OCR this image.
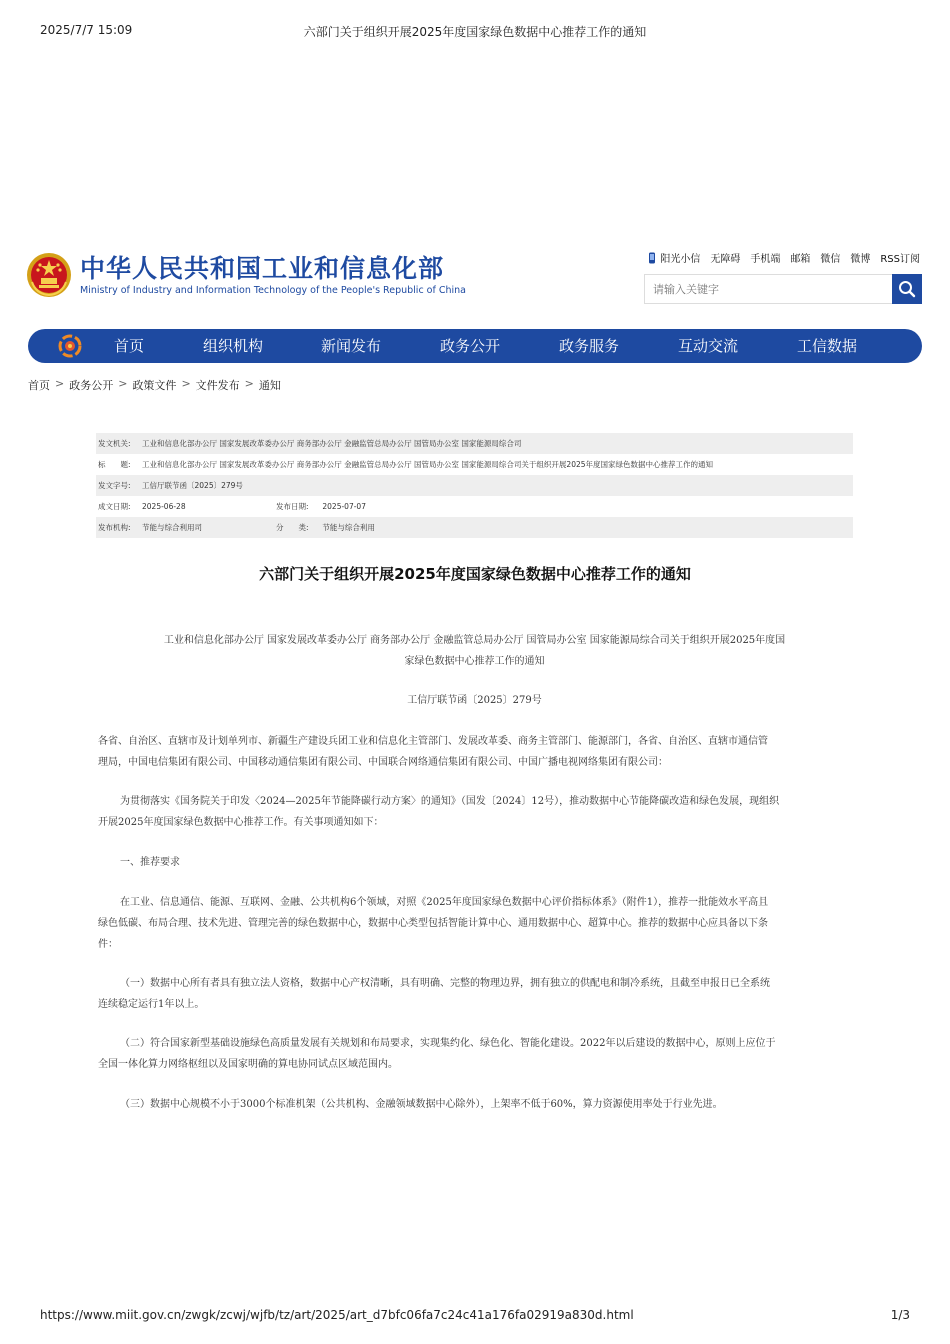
2025/7/7 15:09	六部门关于组织开展2025年度国家绿色数据中心推荐工作的通知
中华人民共和国工业和信息化部
Ministry of Industry and Information Technology of the People's Republic of China
阳光小信 无障碍 手机端 邮箱 微信 微博 RSS订阅
请输入关键字
首页	组织机构	新闻发布	政务公开	政务服务	互动交流	工信数据
首页 > 政务公开 > 政策文件 > 文件发布 > 通知
发文机关:	工业和信息化部办公厅 国家发展改革委办公厅 商务部办公厅 金融监管总局办公厅 国管局办公室 国家能源局综合司
标　　题:	工业和信息化部办公厅 国家发展改革委办公厅 商务部办公厅 金融监管总局办公厅 国管局办公室 国家能源局综合司关于组织开展2025年度国家绿色数据中心推荐工作的通知
发文字号:	工信厅联节函〔2025〕279号
成文日期:	2025-06-28	发布日期: 2025-07-07
发布机构:	节能与综合利用司	分　　类: 节能与综合利用
六部门关于组织开展2025年度国家绿色数据中心推荐工作的通知
工业和信息化部办公厅 国家发展改革委办公厅 商务部办公厅 金融监管总局办公厅 国管局办公室 国家能源局综合司关于组织开展2025年度国
家绿色数据中心推荐工作的通知
工信厅联节函〔2025〕279号
各省、自治区、直辖市及计划单列市、新疆生产建设兵团工业和信息化主管部门、发展改革委、商务主管部门、能源部门，各省、自治区、直辖市通信管
理局，中国电信集团有限公司、中国移动通信集团有限公司、中国联合网络通信集团有限公司、中国广播电视网络集团有限公司：
为贯彻落实《国务院关于印发〈2024—2025年节能降碳行动方案〉的通知》（国发〔2024〕12号），推动数据中心节能降碳改造和绿色发展，现组织
开展2025年度国家绿色数据中心推荐工作。有关事项通知如下：
一、推荐要求
在工业、信息通信、能源、互联网、金融、公共机构6个领域，对照《2025年度国家绿色数据中心评价指标体系》（附件1），推荐一批能效水平高且
绿色低碳、布局合理、技术先进、管理完善的绿色数据中心，数据中心类型包括智能计算中心、通用数据中心、超算中心。推荐的数据中心应具备以下条
件：
（一）数据中心所有者具有独立法人资格，数据中心产权清晰，具有明确、完整的物理边界，拥有独立的供配电和制冷系统，且截至申报日已全系统
连续稳定运行1年以上。
（二）符合国家新型基础设施绿色高质量发展有关规划和布局要求，实现集约化、绿色化、智能化建设。2022年以后建设的数据中心，原则上应位于
全国一体化算力网络枢纽以及国家明确的算电协同试点区域范围内。
（三）数据中心规模不小于3000个标准机架（公共机构、金融领域数据中心除外），上架率不低于60%，算力资源使用率处于行业先进。
https://www.miit.gov.cn/zwgk/zcwj/wjfb/tz/art/2025/art_d7bfc06fa7c24c41a176fa02919a830d.html	1/3
